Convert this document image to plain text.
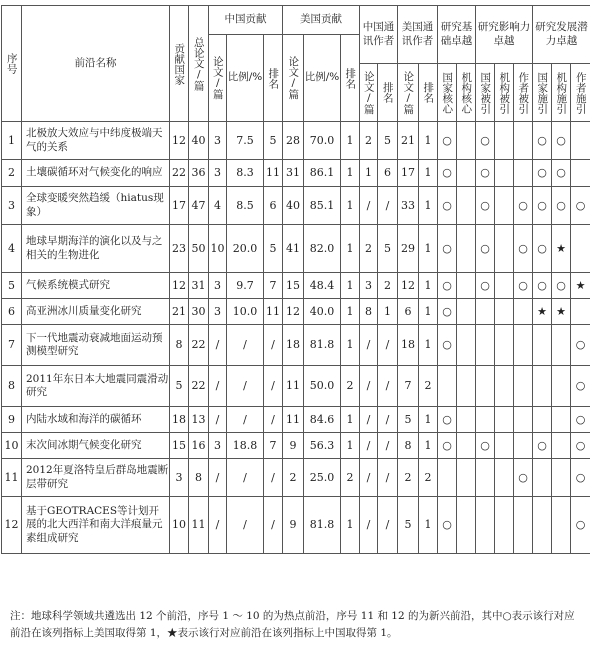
序号	前沿名称	贡献国家	总论文/篇	中国贡献			美国贡献			中国通讯作者		美国通讯作者		研究基础卓越		研究影响力卓越			研究发展潜力卓越		

				论文/篇	比例/%	排名	论文/篇	比例/%	排名												

										论文/篇	排名	论文/篇	排名	国家核心	机构核心	国家被引	机构被引	作者被引	国家施引	机构施引	作者施引

1	北极放大效应与中纬度极端天气的关系	12	40	3	7.5	5	28	70.0	1	2	5	21	1	○		○			○	○	
2	土壤碳循环对气候变化的响应	22	36	3	8.3	11	31	86.1	1	1	6	17	1	○		○			○	○	
3	全球变暖突然趋缓（hiatus现象）	17	47	4	8.5	6	40	85.1	1	/	/	33	1	○		○		○	○	○	○
4	地球早期海洋的演化以及与之相关的生物进化	23	50	10	20.0	5	41	82.0	1	2	5	29	1	○		○		○	○	★	
5	气候系统模式研究	12	31	3	9.7	7	15	48.4	1	3	2	12	1	○		○		○	○	○	★
6	高亚洲冰川质量变化研究	21	30	3	10.0	11	12	40.0	1	8	1	6	1	○					★	★	
7	下一代地震动衰减地面运动预测模型研究	8	22	/	/	/	18	81.8	1	/	/	18	1	○							○
8	2011年东日本大地震同震滑动研究	5	22	/	/	/	11	50.0	2	/	/	7	2								○
9	内陆水域和海洋的碳循环	18	13	/	/	/	11	84.6	1	/	/	5	1	○							○
10	末次间冰期气候变化研究	15	16	3	18.8	7	9	56.3	1	/	/	8	1	○		○			○		○
11	2012年夏洛特皇后群岛地震断层带研究	3	8	/	/	/	2	25.0	2	/	/	2	2					○			○
12	基于GEOTRACES等计划开展的北大西洋和南大洋痕量元素组成研究	10	11	/	/	/	9	81.8	1	/	/	5	1	○							○
注：地球科学领域共遴选出 12 个前沿，序号 1 ～ 10 的为热点前沿，序号 11 和 12 的为新兴前沿，其中○表示该行对应前沿在该列指标上美国取得第 1，★表示该行对应前沿在该列指标上中国取得第 1。
